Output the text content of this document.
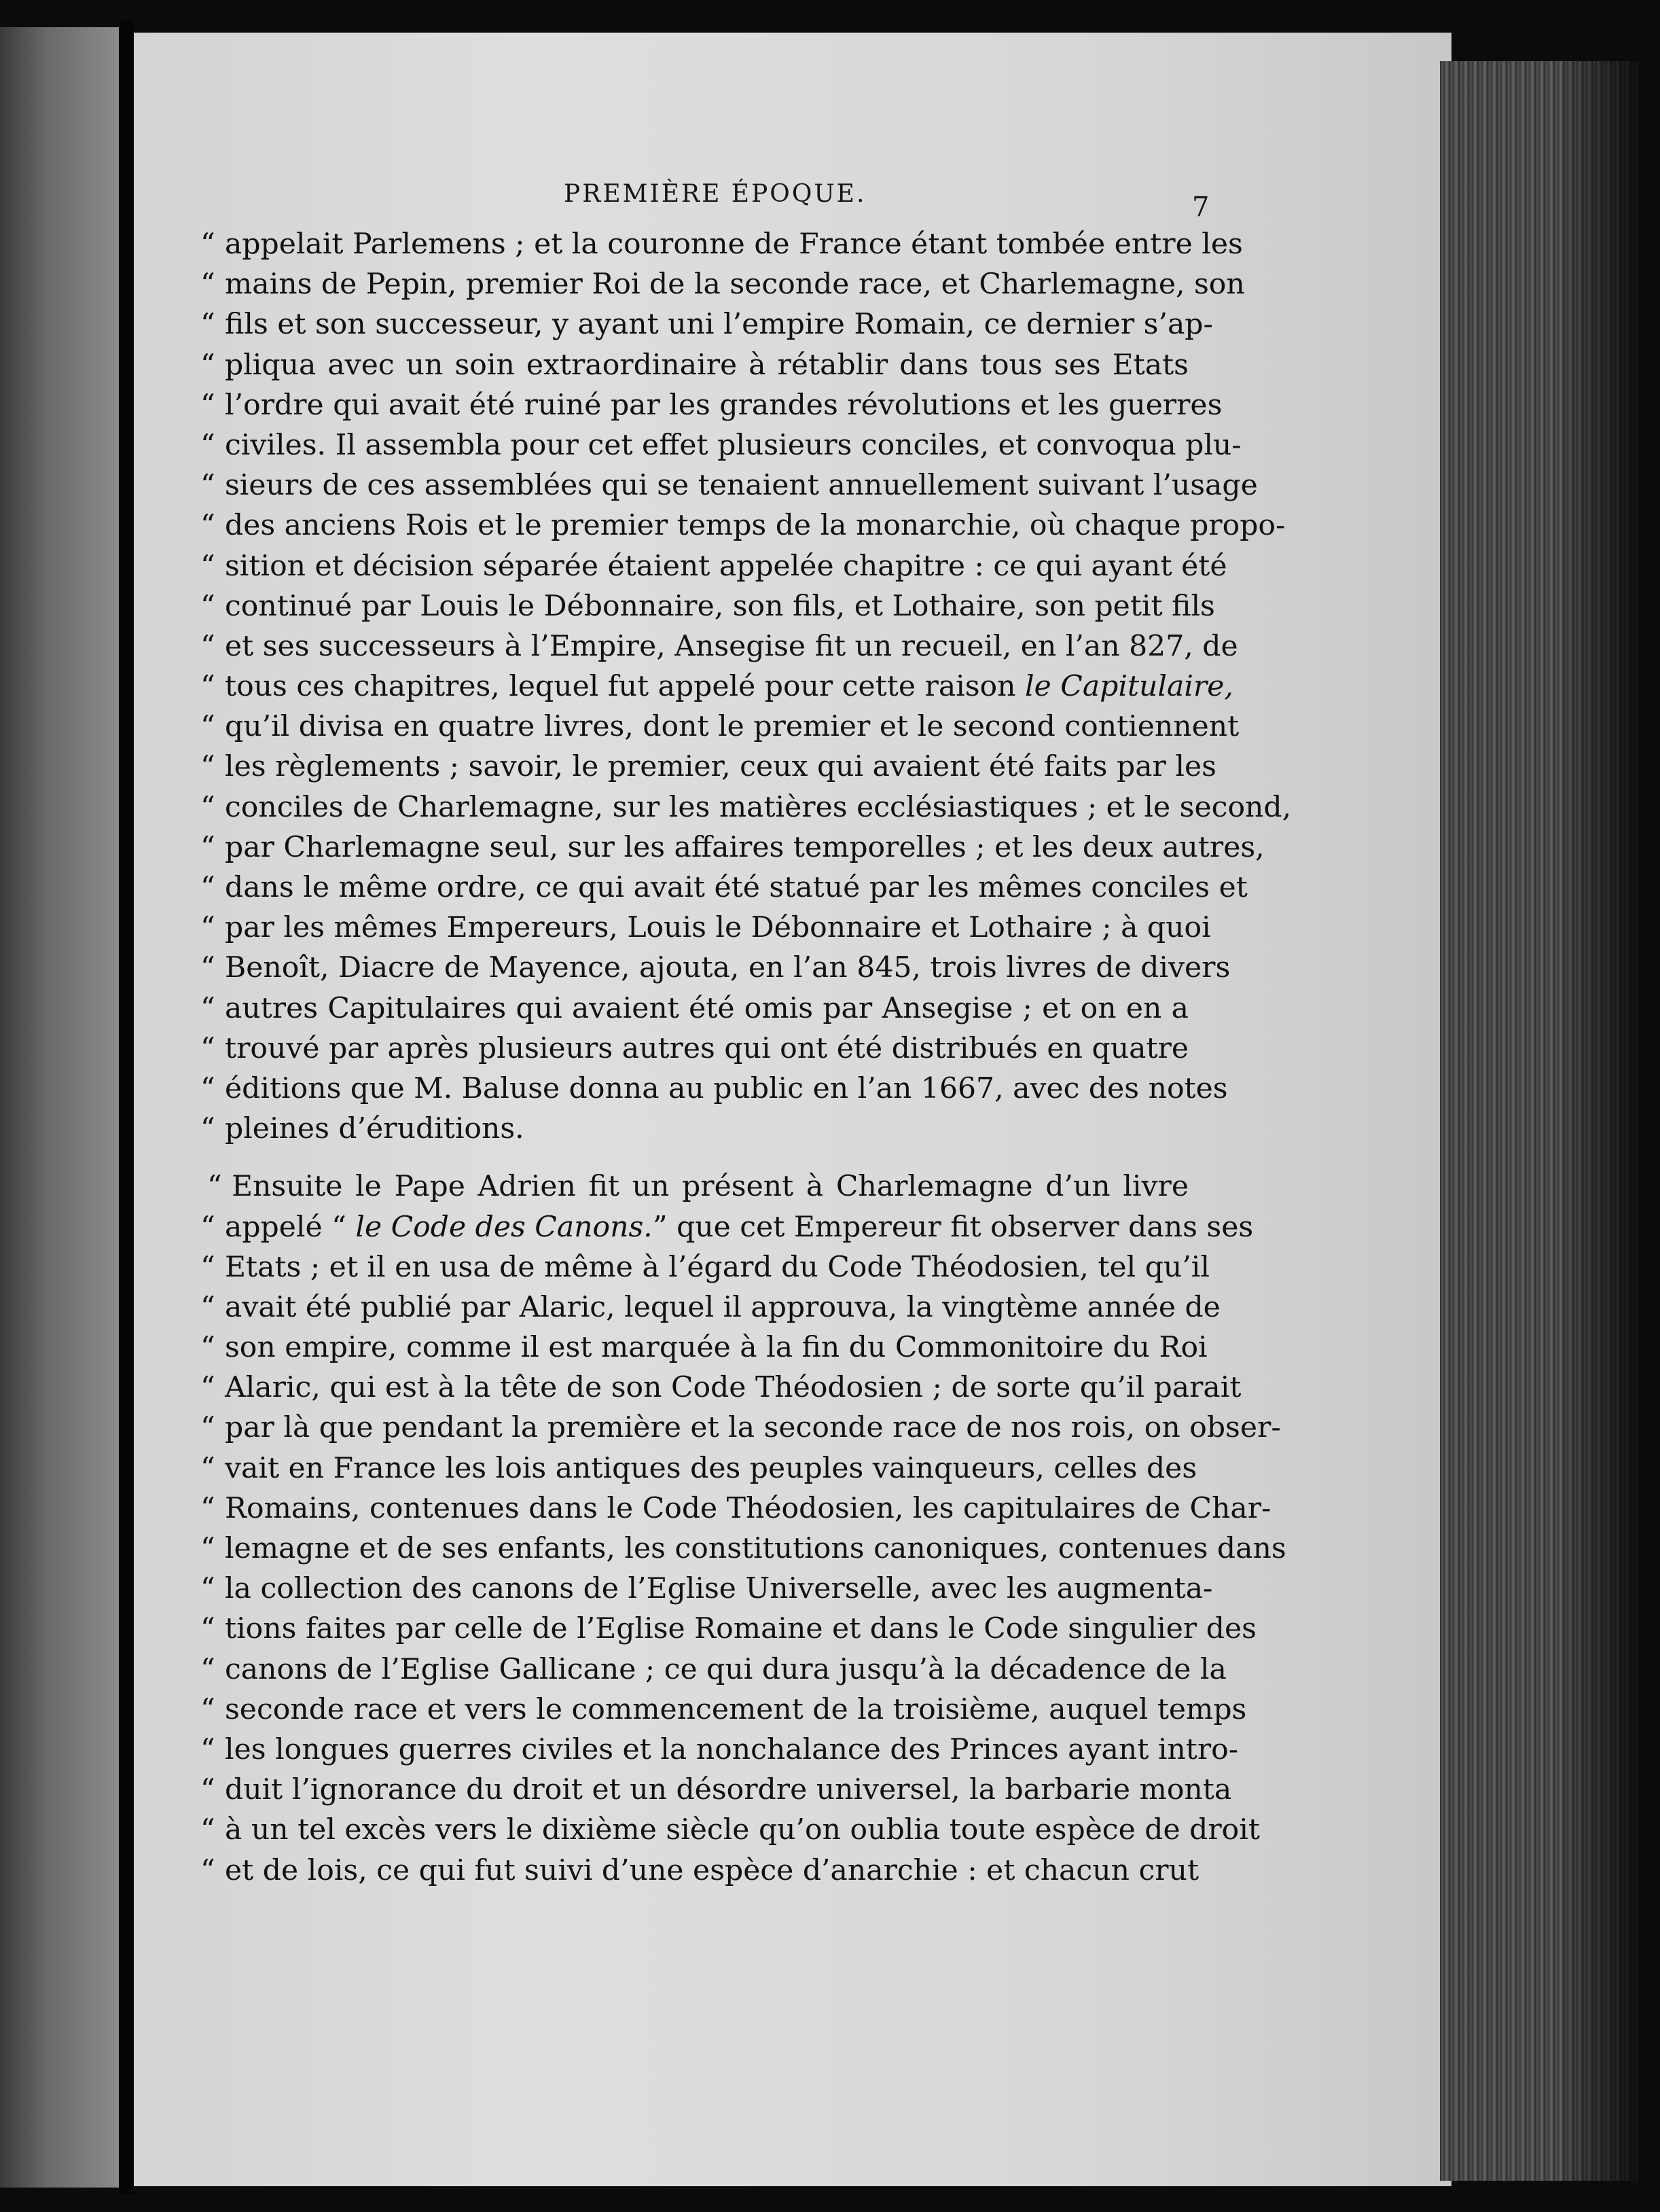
PREMIÈRE ÉPOQUE.	7
“ appelait Parlemens ; et la couronne de France étant tombée entre les
“ mains de Pepin, premier Roi de la seconde race, et Charlemagne, son
“ fils et son successeur, y ayant uni l’empire Romain, ce dernier s’ap-
“ pliqua avec un soin extraordinaire à rétablir dans tous ses Etats
“ l’ordre qui avait été ruiné par les grandes révolutions et les guerres
“ civiles. Il assembla pour cet effet plusieurs conciles, et convoqua plu-
“ sieurs de ces assemblées qui se tenaient annuellement suivant l’usage
“ des anciens Rois et le premier temps de la monarchie, où chaque propo-
“ sition et décision séparée étaient appelée chapitre : ce qui ayant été
“ continué par Louis le Débonnaire, son fils, et Lothaire, son petit fils
“ et ses successeurs à l’Empire, Ansegise fit un recueil, en l’an 827, de
“ tous ces chapitres, lequel fut appelé pour cette raison le Capitulaire,
“ qu’il divisa en quatre livres, dont le premier et le second contiennent
“ les règlements ; savoir, le premier, ceux qui avaient été faits par les
“ conciles de Charlemagne, sur les matières ecclésiastiques ; et le second,
“ par Charlemagne seul, sur les affaires temporelles ; et les deux autres,
“ dans le même ordre, ce qui avait été statué par les mêmes conciles et
“ par les mêmes Empereurs, Louis le Débonnaire et Lothaire ; à quoi
“ Benoît, Diacre de Mayence, ajouta, en l’an 845, trois livres de divers
“ autres Capitulaires qui avaient été omis par Ansegise ; et on en a
“ trouvé par après plusieurs autres qui ont été distribués en quatre
“ éditions que M. Baluse donna au public en l’an 1667, avec des notes
“ pleines d’éruditions.
“ Ensuite le Pape Adrien fit un présent à Charlemagne d’un livre
“ appelé “ le Code des Canons.” que cet Empereur fit observer dans ses
“ Etats ; et il en usa de même à l’égard du Code Théodosien, tel qu’il
“ avait été publié par Alaric, lequel il approuva, la vingtème année de
“ son empire, comme il est marquée à la fin du Commonitoire du Roi
“ Alaric, qui est à la tête de son Code Théodosien ; de sorte qu’il parait
“ par là que pendant la première et la seconde race de nos rois, on obser-
“ vait en France les lois antiques des peuples vainqueurs, celles des
“ Romains, contenues dans le Code Théodosien, les capitulaires de Char-
“ lemagne et de ses enfants, les constitutions canoniques, contenues dans
“ la collection des canons de l’Eglise Universelle, avec les augmenta-
“ tions faites par celle de l’Eglise Romaine et dans le Code singulier des
“ canons de l’Eglise Gallicane ; ce qui dura jusqu’à la décadence de la
“ seconde race et vers le commencement de la troisième, auquel temps
“ les longues guerres civiles et la nonchalance des Princes ayant intro-
“ duit l’ignorance du droit et un désordre universel, la barbarie monta
“ à un tel excès vers le dixième siècle qu’on oublia toute espèce de droit
“ et de lois, ce qui fut suivi d’une espèce d’anarchie : et chacun crut
